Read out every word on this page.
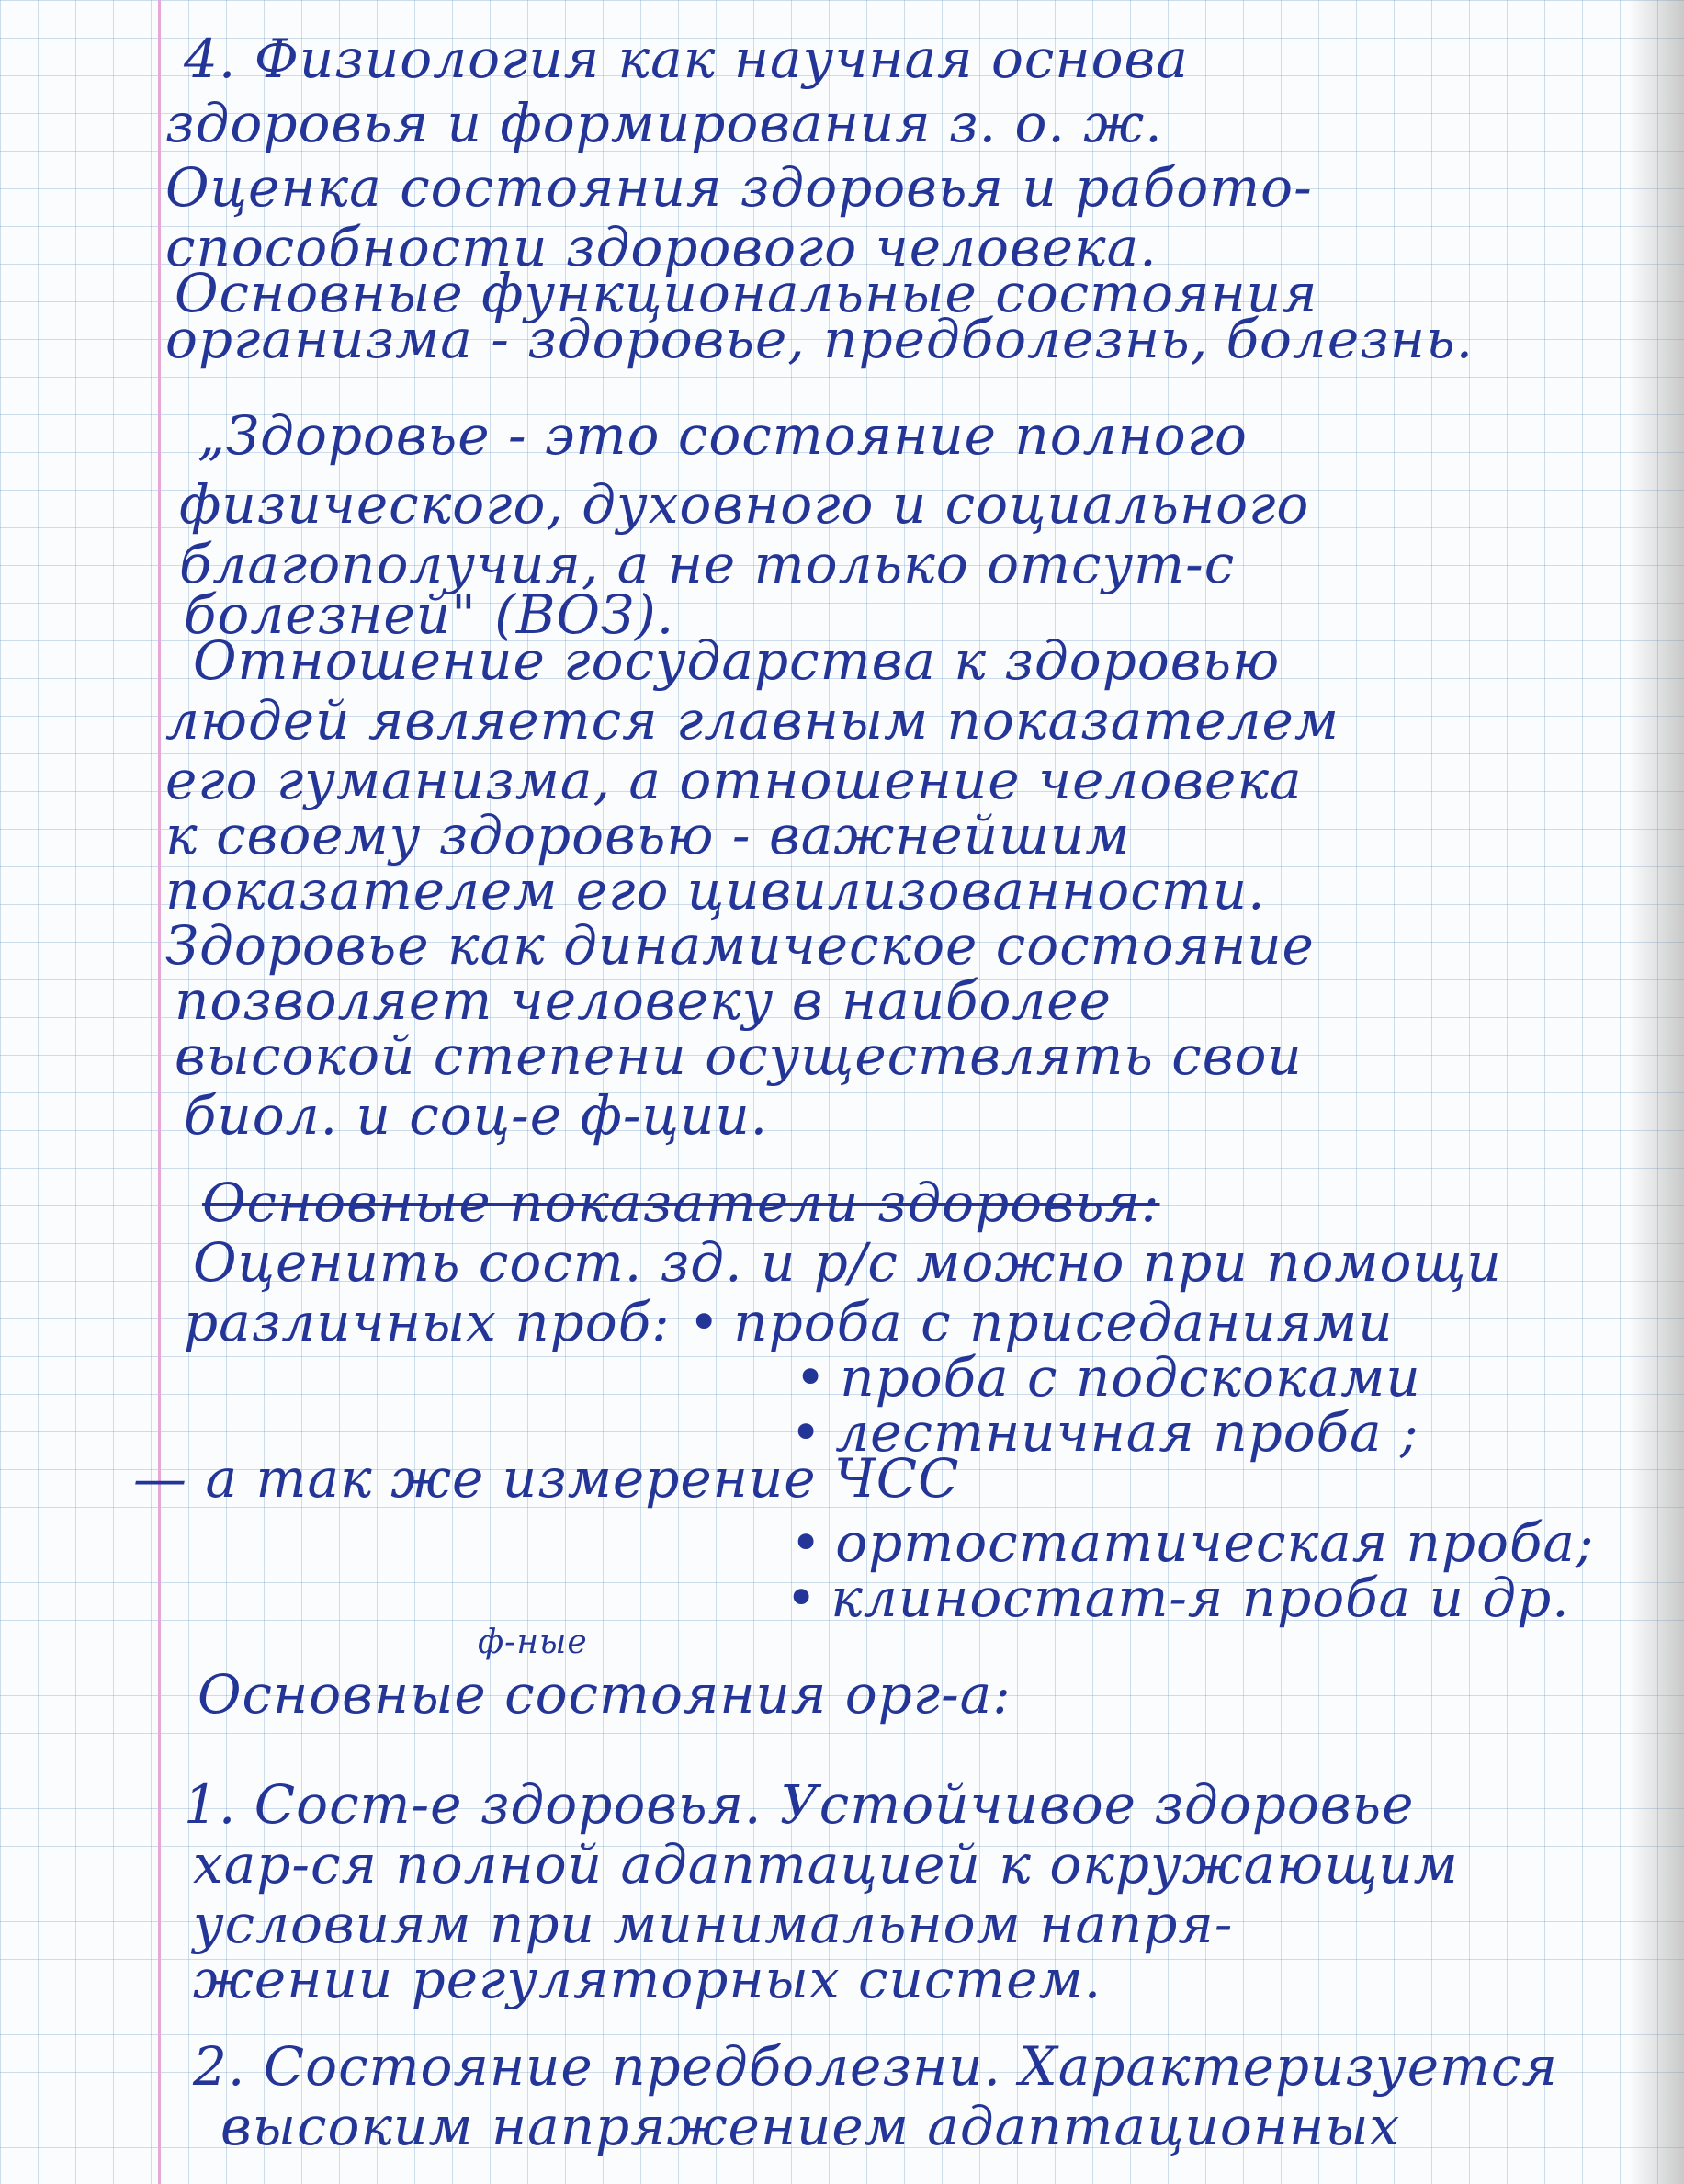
4. Физиология как научная основа
здоровья и формирования з. о. ж.
Оценка состояния здоровья и работо-
способности здорового человека.
Основные функциональные состояния
организма - здоровье, предболезнь, болезнь.
„Здоровье - это состояние полного
физического, духовного и социального
благополучия, а не только отсут-с
болезней" (ВОЗ).
Отношение государства к здоровью
людей является главным показателем
его гуманизма, а отношение человека
к своему здоровью - важнейшим
показателем его цивилизованности.
Здоровье как динамическое состояние
позволяет человеку в наиболее
высокой степени осуществлять свои
биол. и соц-е ф-ции.
Основные показатели здоровья:
Оценить сост. зд. и р/с можно при помощи
различных проб: • проба с приседаниями
• проба с подскоками
• лестничная проба ;
— а так же измерение ЧСС
• ортостатическая проба;
• клиностат-я проба и др.
ф-ные
Основные состояния орг-а:
1. Сост-е здоровья. Устойчивое здоровье
хар-ся полной адаптацией к окружающим
условиям при минимальном напря-
жении регуляторных систем.
2. Состояние предболезни. Характеризуется
высоким напряжением адаптационных
